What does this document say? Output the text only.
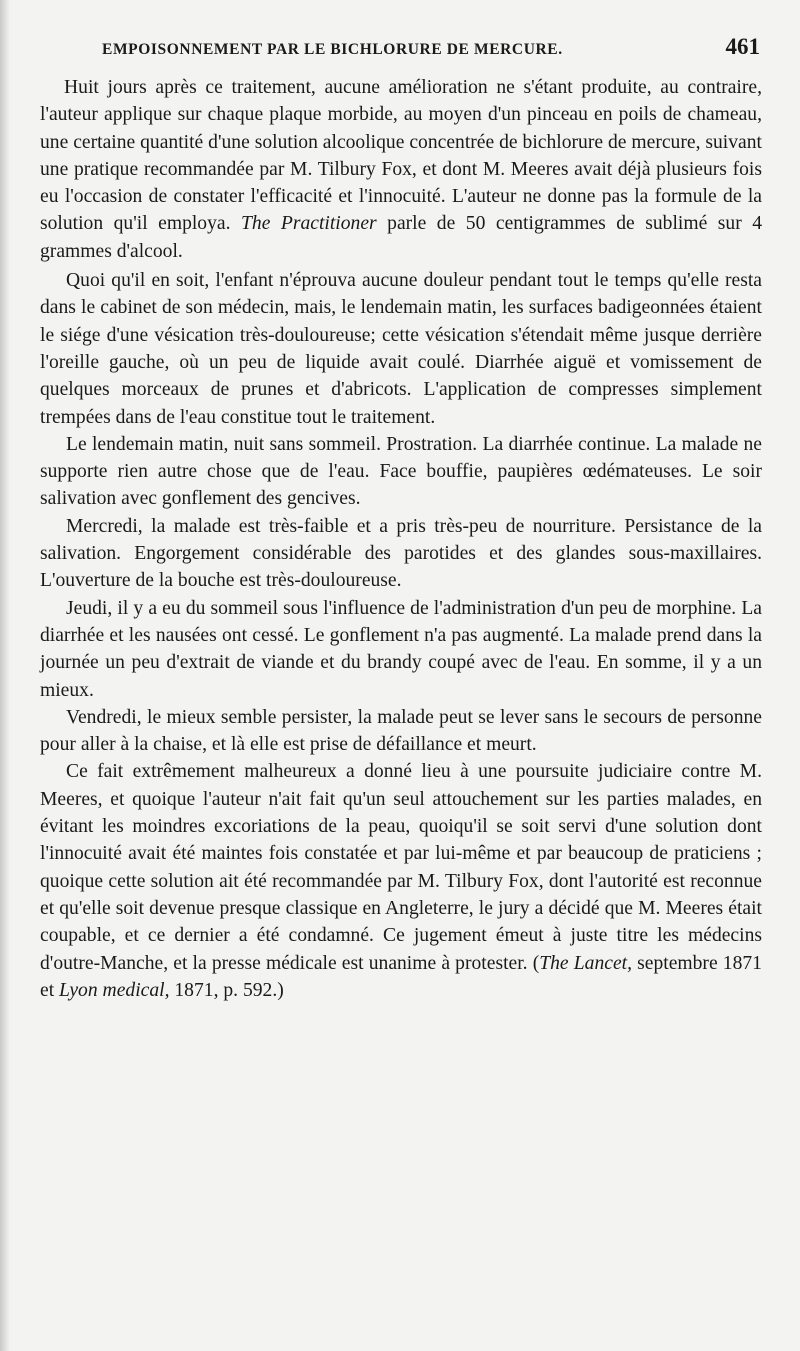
EMPOISONNEMENT PAR LE BICHLORURE DE MERCURE.	461

Huit jours après ce traitement, aucune amélioration ne s'étant produite, au contraire, l'auteur applique sur chaque plaque morbide, au moyen d'un pinceau en poils de chameau, une certaine quantité d'une solution alcoolique concentrée de bichlorure de mercure, suivant une pratique recommandée par M. Tilbury Fox, et dont M. Meeres avait déjà plusieurs fois eu l'occasion de constater l'efficacité et l'innocuité. L'auteur ne donne pas la formule de la solution qu'il employa. The Practitioner parle de 50 centigrammes de sublimé sur 4 grammes d'alcool.

Quoi qu'il en soit, l'enfant n'éprouva aucune douleur pendant tout le temps qu'elle resta dans le cabinet de son médecin, mais, le lendemain matin, les surfaces badigeonnées étaient le siége d'une vésication très-douloureuse; cette vésication s'étendait même jusque derrière l'oreille gauche, où un peu de liquide avait coulé. Diarrhée aiguë et vomissement de quelques morceaux de prunes et d'abricots. L'application de compresses simplement trempées dans de l'eau constitue tout le traitement.

Le lendemain matin, nuit sans sommeil. Prostration. La diarrhée continue. La malade ne supporte rien autre chose que de l'eau. Face bouffie, paupières œdémateuses. Le soir salivation avec gonflement des gencives.

Mercredi, la malade est très-faible et a pris très-peu de nourriture. Persistance de la salivation. Engorgement considérable des parotides et des glandes sous-maxillaires. L'ouverture de la bouche est très-douloureuse.

Jeudi, il y a eu du sommeil sous l'influence de l'administration d'un peu de morphine. La diarrhée et les nausées ont cessé. Le gonflement n'a pas augmenté. La malade prend dans la journée un peu d'extrait de viande et du brandy coupé avec de l'eau. En somme, il y a un mieux.

Vendredi, le mieux semble persister, la malade peut se lever sans le secours de personne pour aller à la chaise, et là elle est prise de défaillance et meurt.

Ce fait extrêmement malheureux a donné lieu à une poursuite judiciaire contre M. Meeres, et quoique l'auteur n'ait fait qu'un seul attouchement sur les parties malades, en évitant les moindres excoriations de la peau, quoiqu'il se soit servi d'une solution dont l'innocuité avait été maintes fois constatée et par lui-même et par beaucoup de praticiens ; quoique cette solution ait été recommandée par M. Tilbury Fox, dont l'autorité est reconnue et qu'elle soit devenue presque classique en Angleterre, le jury a décidé que M. Meeres était coupable, et ce dernier a été condamné. Ce jugement émeut à juste titre les médecins d'outre-Manche, et la presse médicale est unanime à protester. (The Lancet, septembre 1871 et Lyon medical, 1871, p. 592.)
